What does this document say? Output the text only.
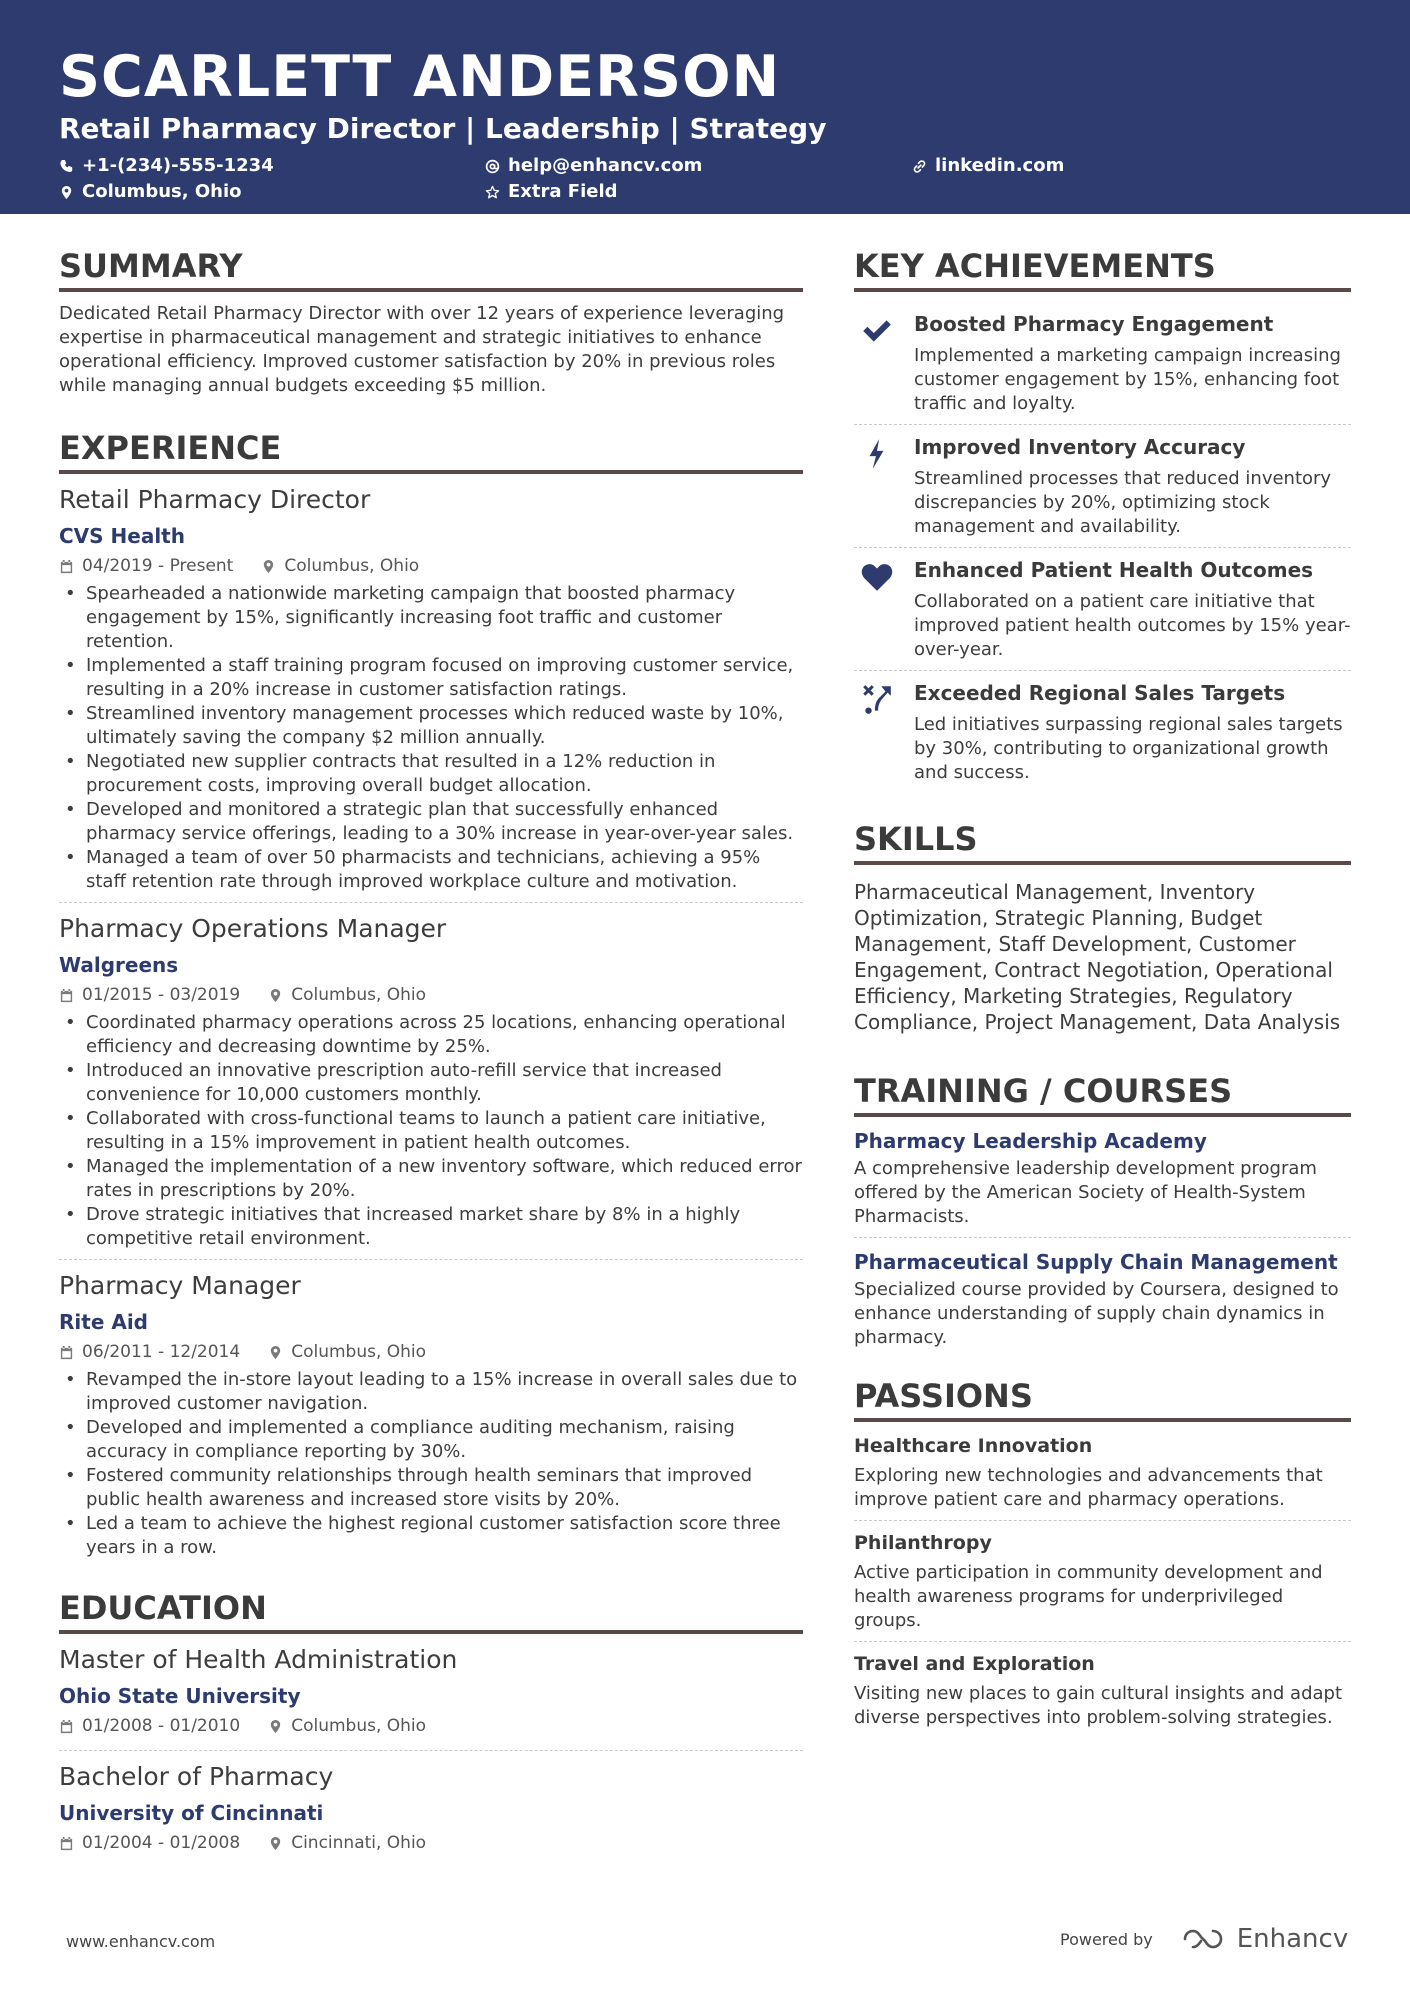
SCARLETT ANDERSON
Retail Pharmacy Director | Leadership | Strategy
+1-(234)-555-1234	help@enhancv.com	linkedin.com
Columbus, Ohio	Extra Field
SUMMARY
Dedicated Retail Pharmacy Director with over 12 years of experience leveraging expertise in pharmaceutical management and strategic initiatives to enhance operational efficiency. Improved customer satisfaction by 20% in previous roles while managing annual budgets exceeding $5 million.
EXPERIENCE
Retail Pharmacy Director
CVS Health
04/2019 - Present	Columbus, Ohio
• Spearheaded a nationwide marketing campaign that boosted pharmacy engagement by 15%, significantly increasing foot traffic and customer retention.
• Implemented a staff training program focused on improving customer service, resulting in a 20% increase in customer satisfaction ratings.
• Streamlined inventory management processes which reduced waste by 10%, ultimately saving the company $2 million annually.
• Negotiated new supplier contracts that resulted in a 12% reduction in procurement costs, improving overall budget allocation.
• Developed and monitored a strategic plan that successfully enhanced pharmacy service offerings, leading to a 30% increase in year-over-year sales.
• Managed a team of over 50 pharmacists and technicians, achieving a 95% staff retention rate through improved workplace culture and motivation.
Pharmacy Operations Manager
Walgreens
01/2015 - 03/2019	Columbus, Ohio
• Coordinated pharmacy operations across 25 locations, enhancing operational efficiency and decreasing downtime by 25%.
• Introduced an innovative prescription auto-refill service that increased convenience for 10,000 customers monthly.
• Collaborated with cross-functional teams to launch a patient care initiative, resulting in a 15% improvement in patient health outcomes.
• Managed the implementation of a new inventory software, which reduced error rates in prescriptions by 20%.
• Drove strategic initiatives that increased market share by 8% in a highly competitive retail environment.
Pharmacy Manager
Rite Aid
06/2011 - 12/2014	Columbus, Ohio
• Revamped the in-store layout leading to a 15% increase in overall sales due to improved customer navigation.
• Developed and implemented a compliance auditing mechanism, raising accuracy in compliance reporting by 30%.
• Fostered community relationships through health seminars that improved public health awareness and increased store visits by 20%.
• Led a team to achieve the highest regional customer satisfaction score three years in a row.
EDUCATION
Master of Health Administration
Ohio State University
01/2008 - 01/2010	Columbus, Ohio
Bachelor of Pharmacy
University of Cincinnati
01/2004 - 01/2008	Cincinnati, Ohio
KEY ACHIEVEMENTS
Boosted Pharmacy Engagement
Implemented a marketing campaign increasing customer engagement by 15%, enhancing foot traffic and loyalty.
Improved Inventory Accuracy
Streamlined processes that reduced inventory discrepancies by 20%, optimizing stock management and availability.
Enhanced Patient Health Outcomes
Collaborated on a patient care initiative that improved patient health outcomes by 15% year-over-year.
Exceeded Regional Sales Targets
Led initiatives surpassing regional sales targets by 30%, contributing to organizational growth and success.
SKILLS
Pharmaceutical Management, Inventory Optimization, Strategic Planning, Budget Management, Staff Development, Customer Engagement, Contract Negotiation, Operational Efficiency, Marketing Strategies, Regulatory Compliance, Project Management, Data Analysis
TRAINING / COURSES
Pharmacy Leadership Academy
A comprehensive leadership development program offered by the American Society of Health-System Pharmacists.
Pharmaceutical Supply Chain Management
Specialized course provided by Coursera, designed to enhance understanding of supply chain dynamics in pharmacy.
PASSIONS
Healthcare Innovation
Exploring new technologies and advancements that improve patient care and pharmacy operations.
Philanthropy
Active participation in community development and health awareness programs for underprivileged groups.
Travel and Exploration
Visiting new places to gain cultural insights and adapt diverse perspectives into problem-solving strategies.
www.enhancv.com	Powered by	Enhancv
